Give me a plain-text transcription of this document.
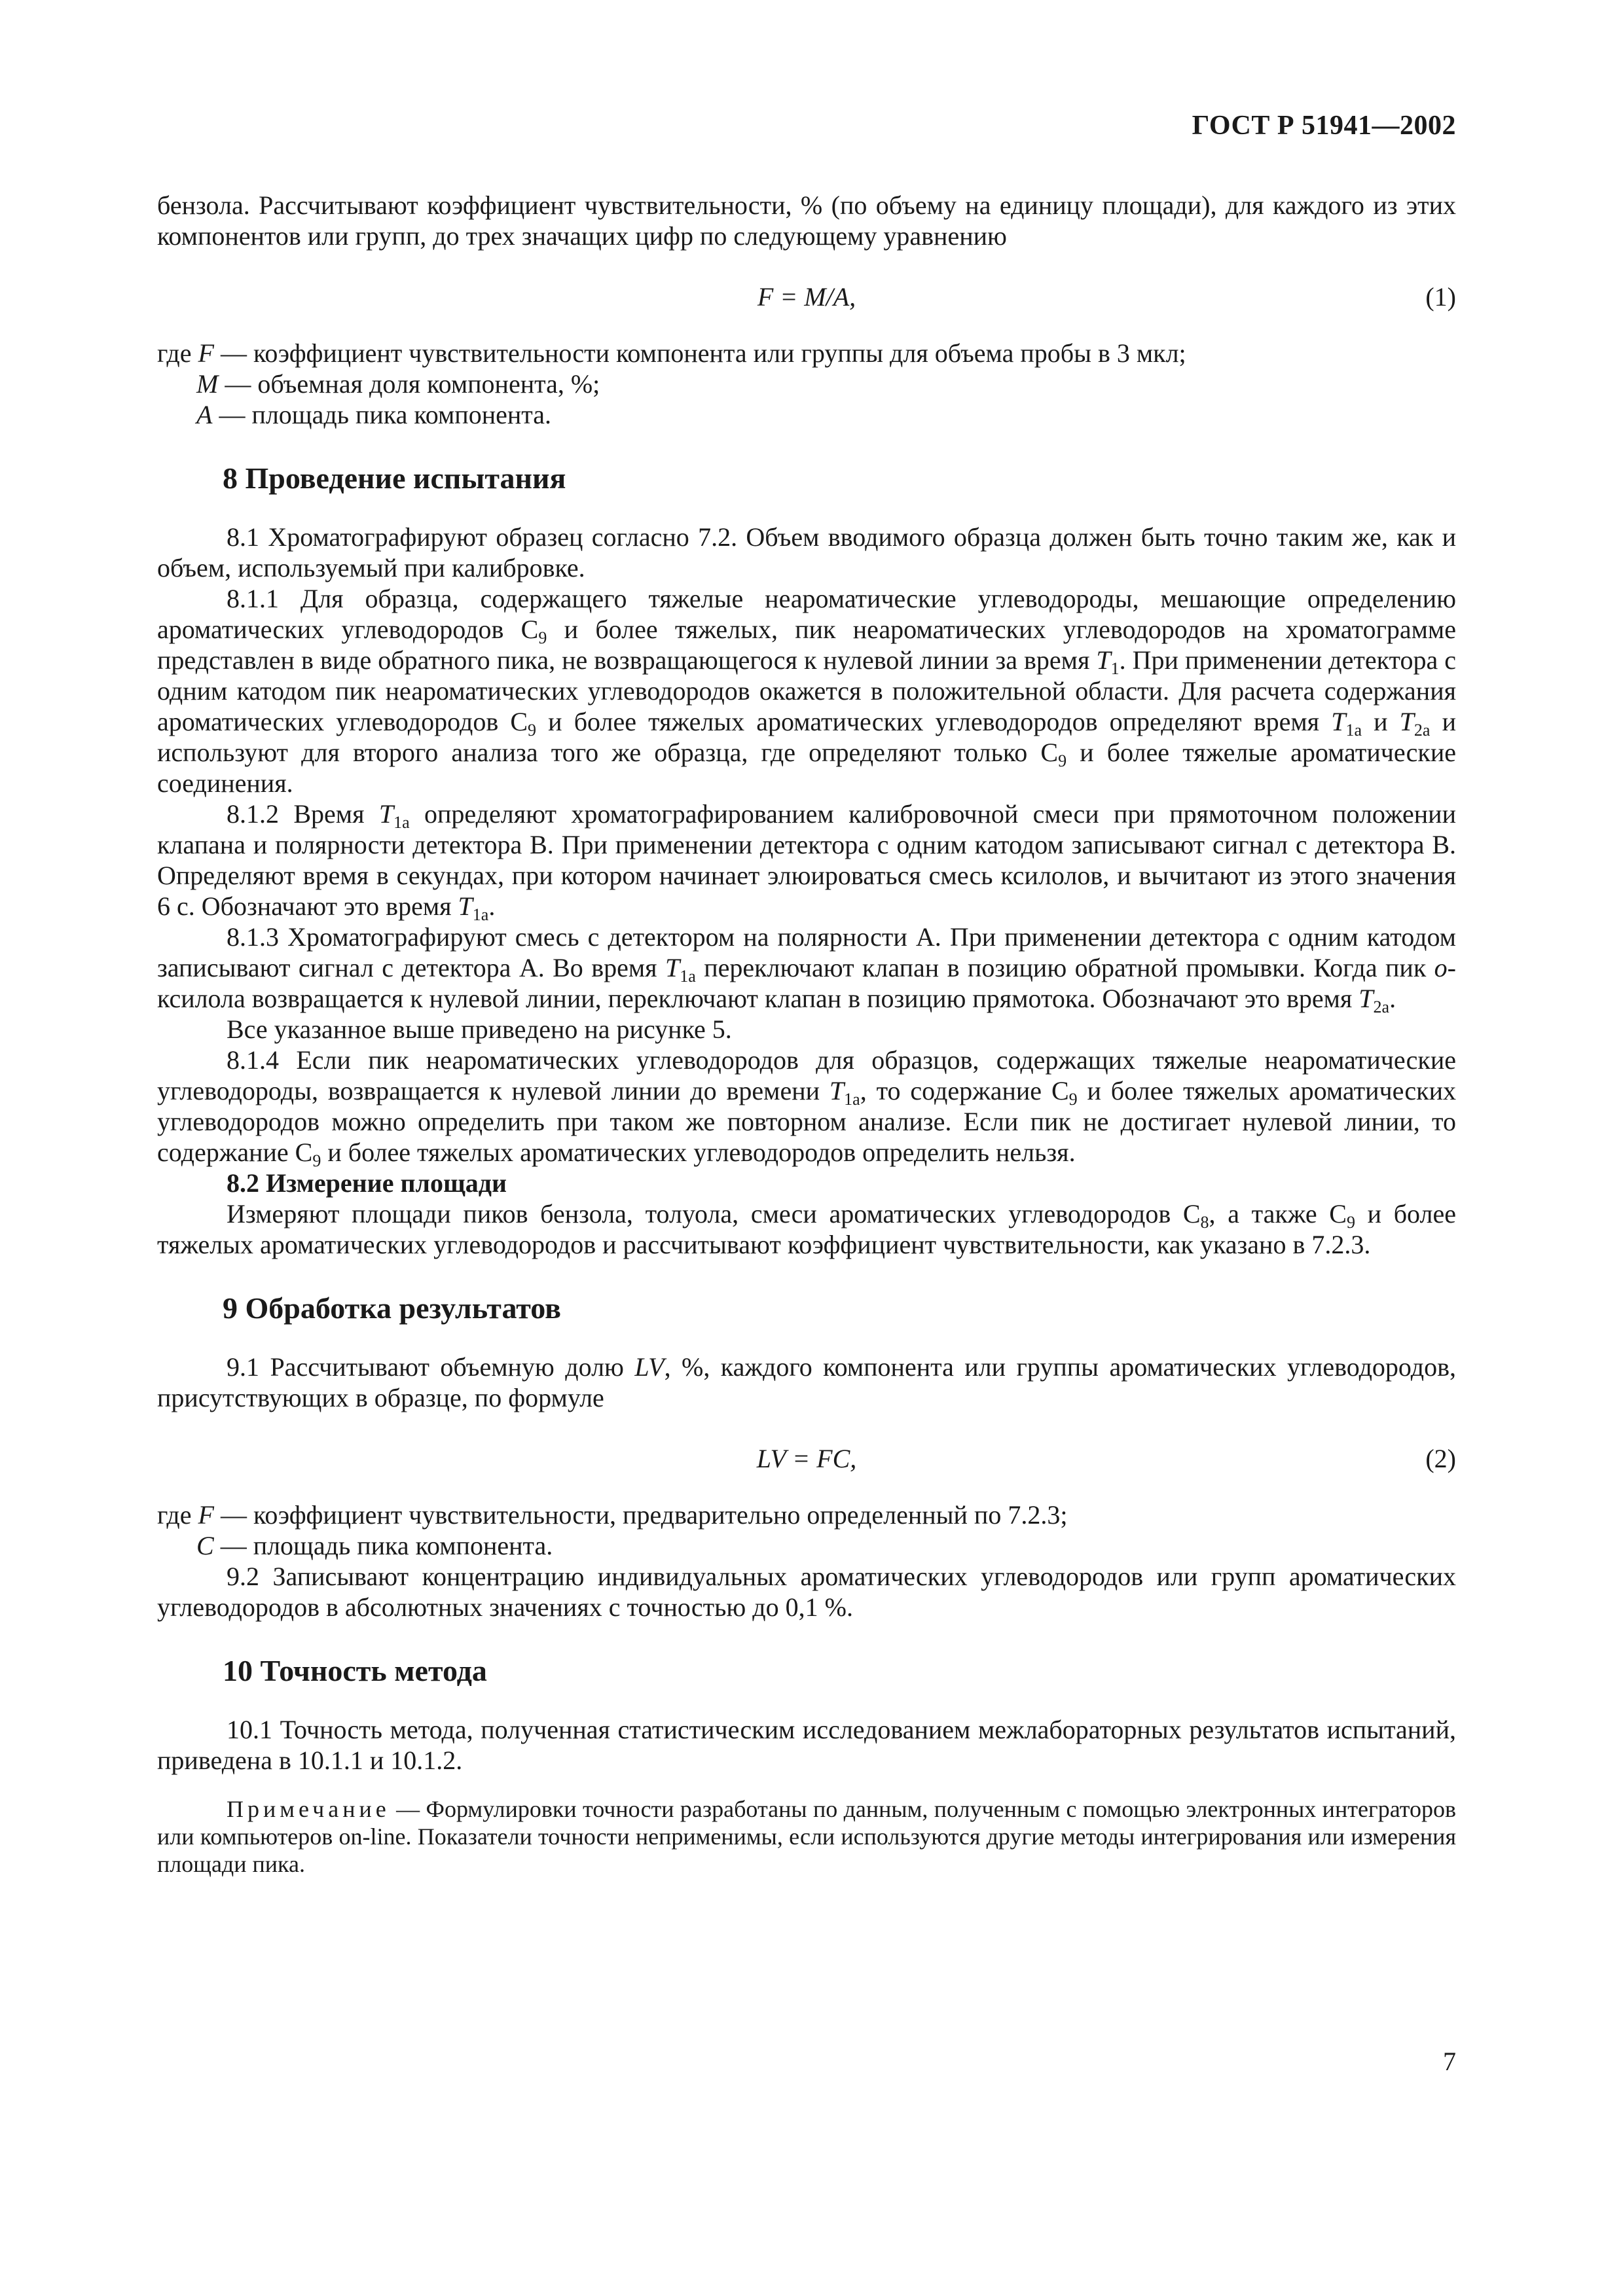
ГОСТ Р 51941—2002

бензола. Рассчитывают коэффициент чувствительности, % (по объему на единицу площади), для каждого из этих компонентов или групп, до трех значащих цифр по следующему уравнению

F = M/A,	(1)

где F — коэффициент чувствительности компонента или группы для объема пробы в 3 мкл;

M — объемная доля компонента, %;

A — площадь пика компонента.

8 Проведение испытания

8.1 Хроматографируют образец согласно 7.2. Объем вводимого образца должен быть точно таким же, как и объем, используемый при калибровке.

8.1.1 Для образца, содержащего тяжелые неароматические углеводороды, мешающие определению ароматических углеводородов $C_9$ и более тяжелых, пик неароматических углеводородов на хроматограмме представлен в виде обратного пика, не возвращающегося к нулевой линии за время $T_1$. При применении детектора с одним катодом пик неароматических углеводородов окажется в положительной области. Для расчета содержания ароматических углеводородов $C_9$ и более тяжелых ароматических углеводородов определяют время $T_{1a}$ и $T_{2a}$ и используют для второго анализа того же образца, где определяют только $C_9$ и более тяжелые ароматические соединения.

8.1.2 Время $T_{1a}$ определяют хроматографированием калибровочной смеси при прямоточном положении клапана и полярности детектора B. При применении детектора с одним катодом записывают сигнал с детектора B. Определяют время в секундах, при котором начинает элюироваться смесь ксилолов, и вычитают из этого значения 6 с. Обозначают это время $T_{1a}$.

8.1.3 Хроматографируют смесь с детектором на полярности A. При применении детектора с одним катодом записывают сигнал с детектора A. Во время $T_{1a}$ переключают клапан в позицию обратной промывки. Когда пик о-ксилола возвращается к нулевой линии, переключают клапан в позицию прямотока. Обозначают это время $T_{2a}$.

Все указанное выше приведено на рисунке 5.

8.1.4 Если пик неароматических углеводородов для образцов, содержащих тяжелые неароматические углеводороды, возвращается к нулевой линии до времени $T_{1a}$, то содержание $C_9$ и более тяжелых ароматических углеводородов можно определить при таком же повторном анализе. Если пик не достигает нулевой линии, то содержание $C_9$ и более тяжелых ароматических углеводородов определить нельзя.

8.2 Измерение площади

Измеряют площади пиков бензола, толуола, смеси ароматических углеводородов $C_8$, а также $C_9$ и более тяжелых ароматических углеводородов и рассчитывают коэффициент чувствительности, как указано в 7.2.3.

9 Обработка результатов

9.1 Рассчитывают объемную долю LV, %, каждого компонента или группы ароматических углеводородов, присутствующих в образце, по формуле

LV = FC,	(2)

где F — коэффициент чувствительности, предварительно определенный по 7.2.3;

C — площадь пика компонента.

9.2 Записывают концентрацию индивидуальных ароматических углеводородов или групп ароматических углеводородов в абсолютных значениях с точностью до 0,1 %.

10 Точность метода

10.1 Точность метода, полученная статистическим исследованием межлабораторных результатов испытаний, приведена в 10.1.1 и 10.1.2.

Примечание — Формулировки точности разработаны по данным, полученным с помощью электронных интеграторов или компьютеров on-line. Показатели точности неприменимы, если используются другие методы интегрирования или измерения площади пика.

7
